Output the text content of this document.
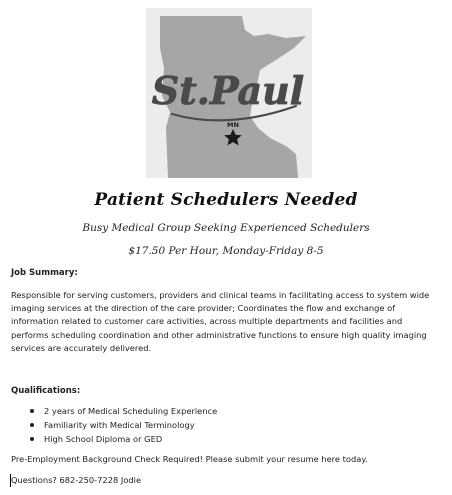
St.Paul
MN
Patient Schedulers Needed
Busy Medical Group Seeking Experienced Schedulers
$17.50 Per Hour, Monday-Friday 8-5
Job Summary:

Responsible for serving customers, providers and clinical teams in facilitating access to system wide imaging services at the direction of the care provider; Coordinates the flow and exchange of information related to customer care activities, across multiple departments and facilities and performs scheduling coordination and other administrative functions to ensure high quality imaging services are accurately delivered.

Qualifications:
2 years of Medical Scheduling Experience
Familiarity with Medical Terminology
High School Diploma or GED
Pre-Employment Background Check Required! Please submit your resume here today.
Questions? 682-250-7228 Jodie
